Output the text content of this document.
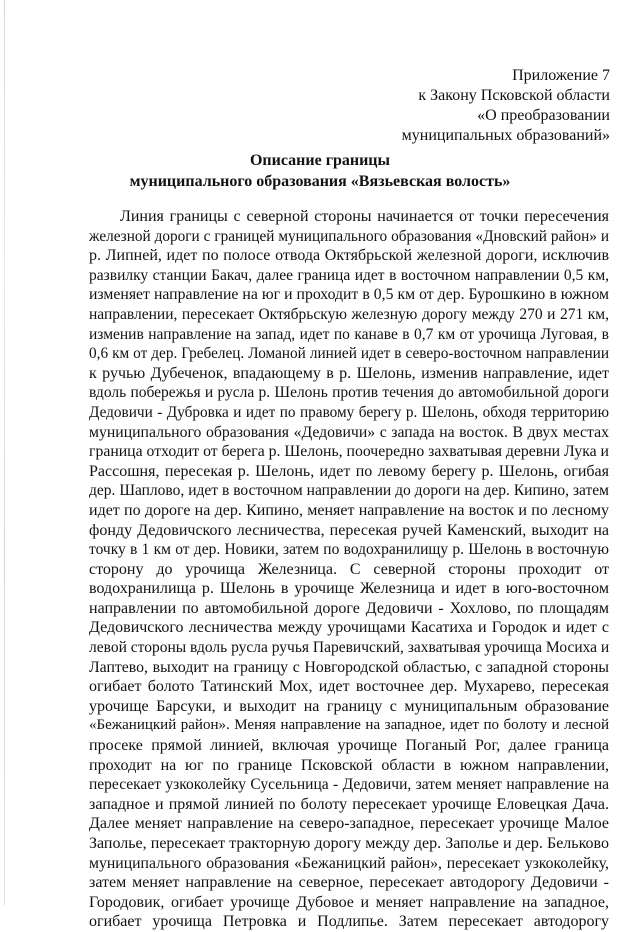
Приложение 7
к Закону Псковской области
«О преобразовании
муниципальных образований»
Описание границы
муниципального образования «Вязьевская волость»
Линия границы с северной стороны начинается от точки пересечения
железной дороги с границей муниципального образования «Дновский район» и
р. Липней, идет по полосе отвода Октябрьской железной дороги, исключив
развилку станции Бакач, далее граница идет в восточном направлении 0,5 км,
изменяет направление на юг и проходит в 0,5 км от дер. Бурошкино в южном
направлении, пересекает Октябрьскую железную дорогу между 270 и 271 км,
изменив направление на запад, идет по канаве в 0,7 км от урочища Луговая, в
0,6 км от дер. Гребелец. Ломаной линией идет в северо-восточном направлении
к ручью Дубеченок, впадающему в р. Шелонь, изменив направление, идет
вдоль побережья и русла р. Шелонь против течения до автомобильной дороги
Дедовичи - Дубровка и идет по правому берегу р. Шелонь, обходя территорию
муниципального образования «Дедовичи» с запада на восток. В двух местах
граница отходит от берега р. Шелонь, поочередно захватывая деревни Лука и
Рассошня, пересекая р. Шелонь, идет по левому берегу р. Шелонь, огибая
дер. Шаплово, идет в восточном направлении до дороги на дер. Кипино, затем
идет по дороге на дер. Кипино, меняет направление на восток и по лесному
фонду Дедовичского лесничества, пересекая ручей Каменский, выходит на
точку в 1 км от дер. Новики, затем по водохранилищу р. Шелонь в восточную
сторону до урочища Железница. С северной стороны проходит от
водохранилища р. Шелонь в урочище Железница и идет в юго-восточном
направлении по автомобильной дороге Дедовичи - Хохлово, по площадям
Дедовичского лесничества между урочищами Касатиха и Городок и идет с
левой стороны вдоль русла ручья Паревичский, захватывая урочища Мосиха и
Лаптево, выходит на границу с Новгородской областью, с западной стороны
огибает болото Татинский Мох, идет восточнее дер. Мухарево, пересекая
урочище Барсуки, и выходит на границу с муниципальным образование
«Бежаницкий район». Меняя направление на западное, идет по болоту и лесной
просеке прямой линией, включая урочище Поганый Рог, далее граница
проходит на юг по границе Псковской области в южном направлении,
пересекает узкоколейку Сусельница - Дедовичи, затем меняет направление на
западное и прямой линией по болоту пересекает урочище Еловецкая Дача.
Далее меняет направление на северо-западное, пересекает урочище Малое
Заполье, пересекает тракторную дорогу между дер. Заполье и дер. Бельково
муниципального образования «Бежаницкий район», пересекает узкоколейку,
затем меняет направление на северное, пересекает автодорогу Дедовичи -
Городовик, огибает урочище Дубовое и меняет направление на западное,
огибает урочища Петровка и Подлипье. Затем пересекает автодорогу
